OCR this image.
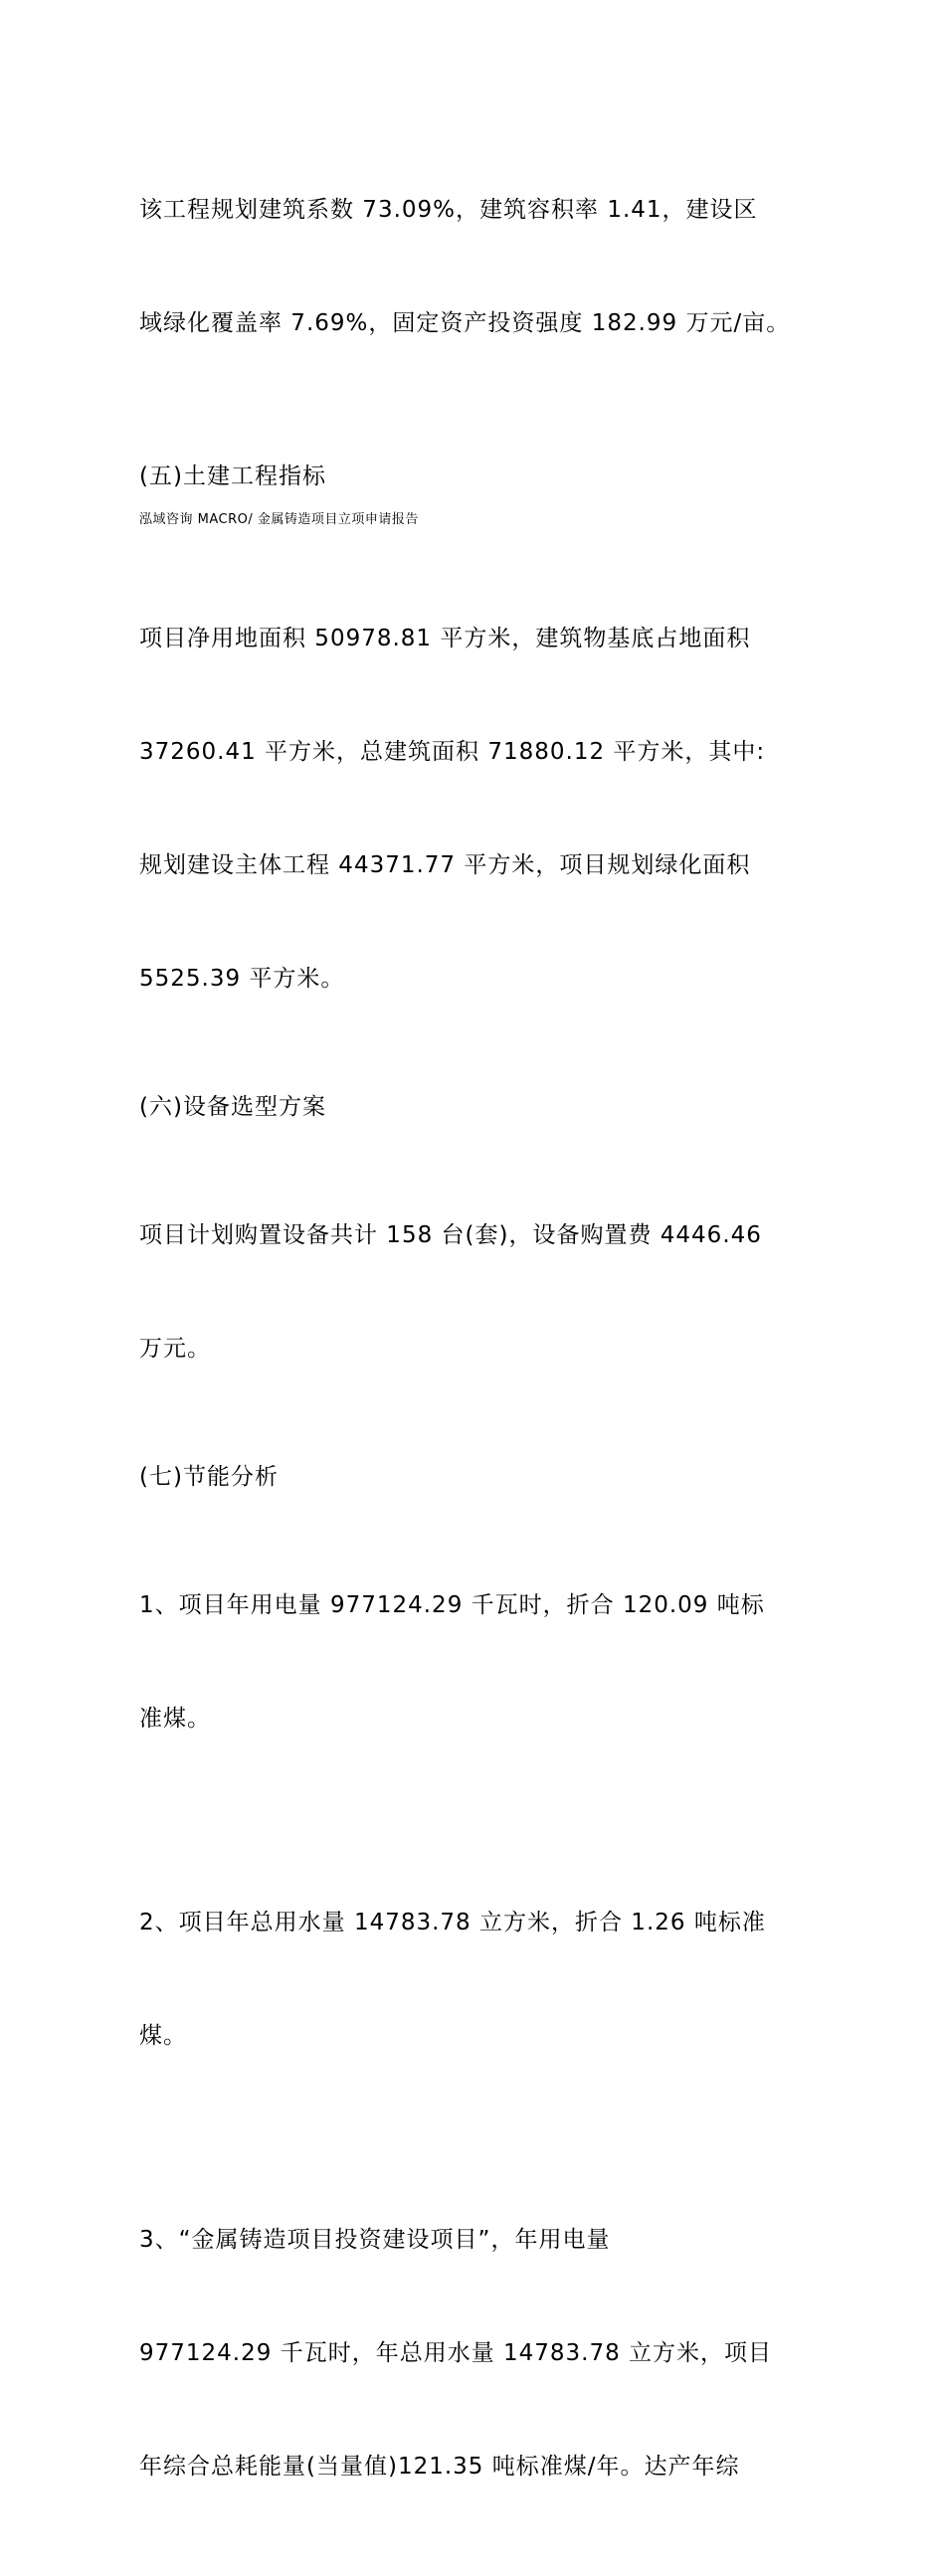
该工程规划建筑系数 73.09%，建筑容积率 1.41，建设区

域绿化覆盖率 7.69%，固定资产投资强度 182.99 万元/亩。

(五)土建工程指标

泓域咨询 MACRO/ 金属铸造项目立项申请报告

项目净用地面积 50978.81 平方米，建筑物基底占地面积

37260.41 平方米，总建筑面积 71880.12 平方米，其中:

规划建设主体工程 44371.77 平方米，项目规划绿化面积

5525.39 平方米。

(六)设备选型方案

项目计划购置设备共计 158 台(套)，设备购置费 4446.46

万元。

(七)节能分析

1、项目年用电量 977124.29 千瓦时，折合 120.09 吨标

准煤。

2、项目年总用水量 14783.78 立方米，折合 1.26 吨标准

煤。

3、“金属铸造项目投资建设项目”，年用电量

977124.29 千瓦时，年总用水量 14783.78 立方米，项目

年综合总耗能量(当量值)121.35 吨标准煤/年。达产年综
